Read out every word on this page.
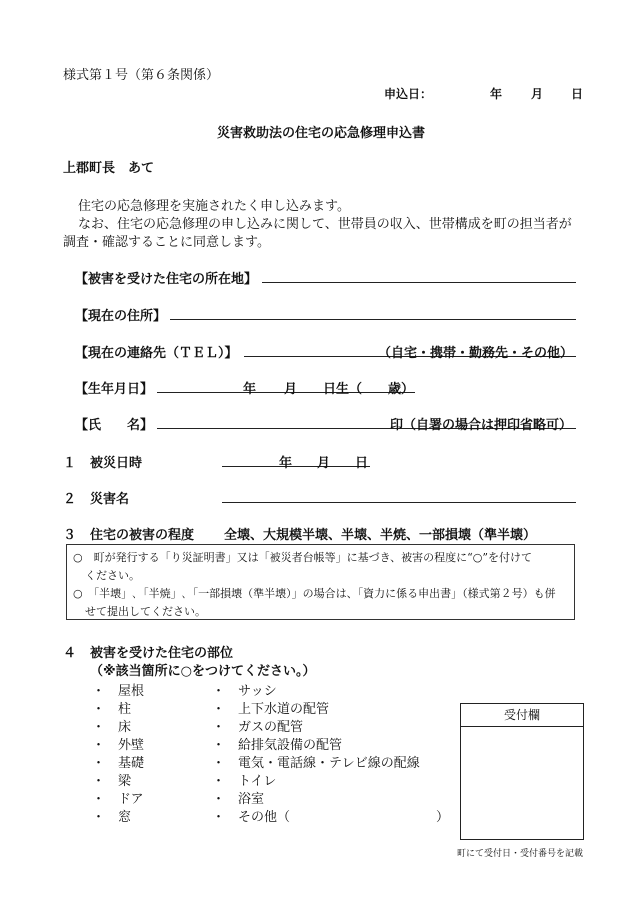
様式第１号（第６条関係）
申込日：	年 月 日
災害救助法の住宅の応急修理申込書
上郡町長　あて
住宅の応急修理を実施されたく申し込みます。
なお、住宅の応急修理の申し込みに関して、世帯員の収入、世帯構成を町の担当者が
調査・確認することに同意します。
【被害を受けた住宅の所在地】
【現在の住所】
【現在の連絡先（ＴＥＬ）】	（自宅・携帯・勤務先・その他）
【生年月日】	年 月 日生（ 歳）
【氏　　名】	印（自署の場合は押印省略可）
１ 被災日時	年 月 日
２ 災害名
３ 住宅の被害の程度 全壊、大規模半壊、半壊、半焼、一部損壊（準半壊）
○　町が発行する「り災証明書」又は「被災者台帳等」に基づき、被害の程度に“○”を付けて
ください。
○　「半壊」､「半焼」､「一部損壊（準半壊）」の場合は、「資力に係る申出書」（様式第２号）も併
せて提出してください。
４ 被害を受けた住宅の部位
（※該当箇所に○をつけてください。）
・　屋根
・　柱
・　床
・　外壁
・　基礎
・　梁
・　ドア
・　窓
・　サッシ
・　上下水道の配管
・　ガスの配管
・　給排気設備の配管
・　電気・電話線・テレビ線の配線
・　トイレ
・　浴室
・　その他（	）
受付欄
町にて受付日・受付番号を記載
